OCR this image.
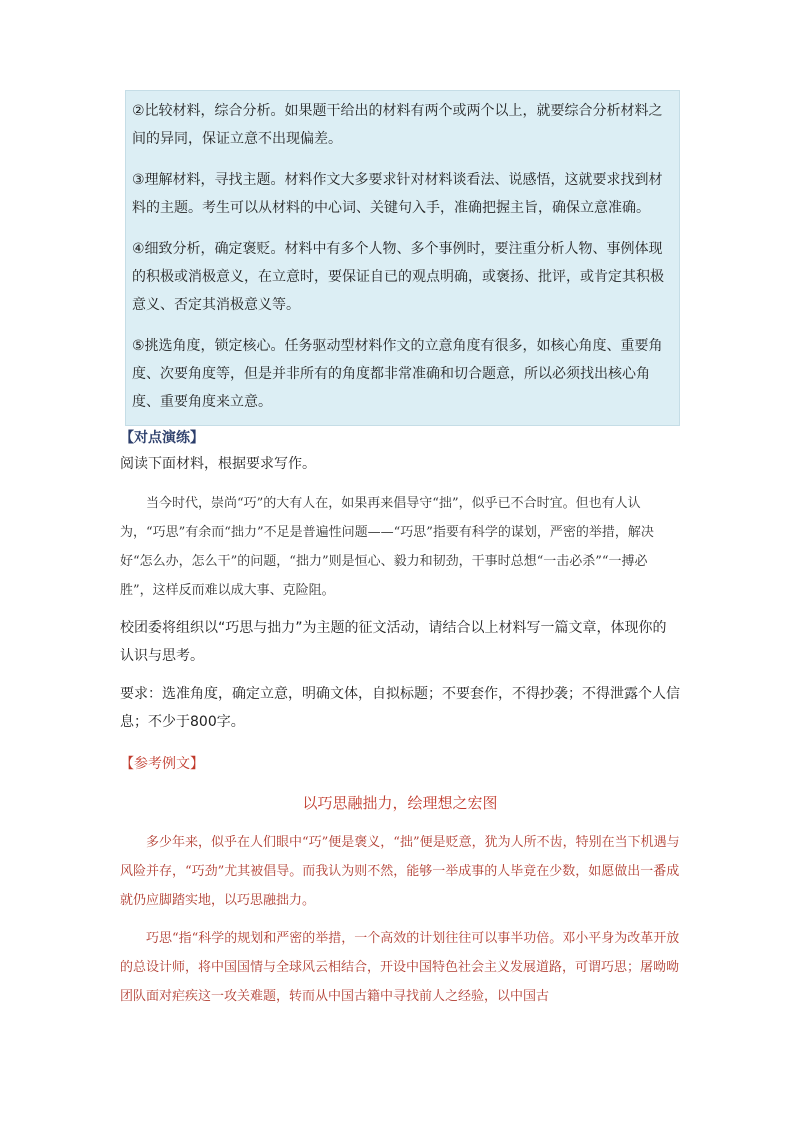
②比较材料，综合分析。如果题干给出的材料有两个或两个以上，就要综合分析材料之间的异同，保证立意不出现偏差。

③理解材料，寻找主题。材料作文大多要求针对材料谈看法、说感悟，这就要求找到材料的主题。考生可以从材料的中心词、关键句入手，准确把握主旨，确保立意准确。

④细致分析，确定褒贬。材料中有多个人物、多个事例时，要注重分析人物、事例体现的积极或消极意义，在立意时，要保证自已的观点明确，或褒扬、批评，或肯定其积极意义、否定其消极意义等。

⑤挑选角度，锁定核心。任务驱动型材料作文的立意角度有很多，如核心角度、重要角度、次要角度等，但是并非所有的角度都非常准确和切合题意，所以必须找出核心角度、重要角度来立意。

【对点演练】

阅读下面材料，根据要求写作。

当今时代，崇尚“巧”的大有人在，如果再来倡导守“拙”，似乎已不合时宜。但也有人认为，“巧思”有余而“拙力”不足是普遍性问题——“巧思”指要有科学的谋划，严密的举措，解决好“怎么办，怎么干”的问题，“拙力”则是恒心、毅力和韧劲，干事时总想“一击必杀”“一搏必胜”，这样反而难以成大事、克险阻。

校团委将组织以“巧思与拙力”为主题的征文活动，请结合以上材料写一篇文章，体现你的认识与思考。

要求：选准角度，确定立意，明确文体，自拟标题；不要套作，不得抄袭；不得泄露个人信息；不少于800字。

【参考例文】

以巧思融拙力，绘理想之宏图

多少年来，似乎在人们眼中“巧”便是褒义，“拙”便是贬意，犹为人所不齿，特别在当下机遇与风险并存，“巧劲”尤其被倡导。而我认为则不然，能够一举成事的人毕竟在少数，如愿做出一番成就仍应脚踏实地，以巧思融拙力。

巧思“指“科学的规划和严密的举措，一个高效的计划往往可以事半功倍。邓小平身为改革开放的总设计师，将中国国情与全球风云相结合，开设中国特色社会主义发展道路，可谓巧思；屠呦呦团队面对疟疾这一攻关难题，转而从中国古籍中寻找前人之经验，以中国古
